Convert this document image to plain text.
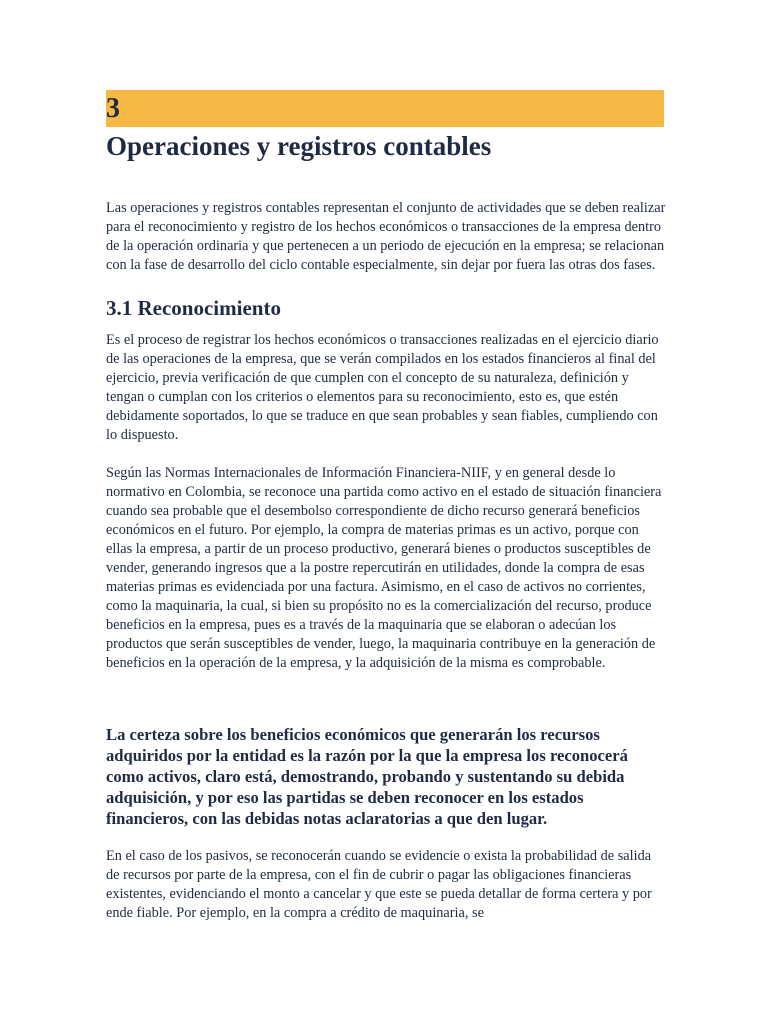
3
Operaciones y registros contables

Las operaciones y registros contables representan el conjunto de actividades que se deben realizar para el reconocimiento y registro de los hechos económicos o transacciones de la empresa dentro de la operación ordinaria y que pertenecen a un periodo de ejecución en la empresa; se relacionan con la fase de desarrollo del ciclo contable especialmente, sin dejar por fuera las otras dos fases.

3.1 Reconocimiento

Es el proceso de registrar los hechos económicos o transacciones realizadas en el ejercicio diario de las operaciones de la empresa, que se verán compilados en los estados financieros al final del ejercicio, previa verificación de que cumplen con el concepto de su naturaleza, definición y tengan o cumplan con los criterios o elementos para su reconocimiento, esto es, que estén debidamente soportados, lo que se traduce en que sean probables y sean fiables, cumpliendo con lo dispuesto.

Según las Normas Internacionales de Información Financiera-NIIF, y en general desde lo normativo en Colombia, se reconoce una partida como activo en el estado de situación financiera cuando sea probable que el desembolso correspondiente de dicho recurso generará beneficios económicos en el futuro. Por ejemplo, la compra de materias primas es un activo, porque con ellas la empresa, a partir de un proceso productivo, generará bienes o productos susceptibles de vender, generando ingresos que a la postre repercutirán en utilidades, donde la compra de esas materias primas es evidenciada por una factura. Asimismo, en el caso de activos no corrientes, como la maquinaria, la cual, si bien su propósito no es la comercialización del recurso, produce beneficios en la empresa, pues es a través de la maquinaria que se elaboran o adecúan los productos que serán susceptibles de vender, luego, la maquinaria contribuye en la generación de beneficios en la operación de la empresa, y la adquisición de la misma es comprobable.

La certeza sobre los beneficios económicos que generarán los recursos adquiridos por la entidad es la razón por la que la empresa los reconocerá como activos, claro está, demostrando, probando y sustentando su debida adquisición, y por eso las partidas se deben reconocer en los estados financieros, con las debidas notas aclaratorias a que den lugar.

En el caso de los pasivos, se reconocerán cuando se evidencie o exista la probabilidad de salida de recursos por parte de la empresa, con el fin de cubrir o pagar las obligaciones financieras existentes, evidenciando el monto a cancelar y que este se pueda detallar de forma certera y por ende fiable. Por ejemplo, en la compra a crédito de maquinaria, se
